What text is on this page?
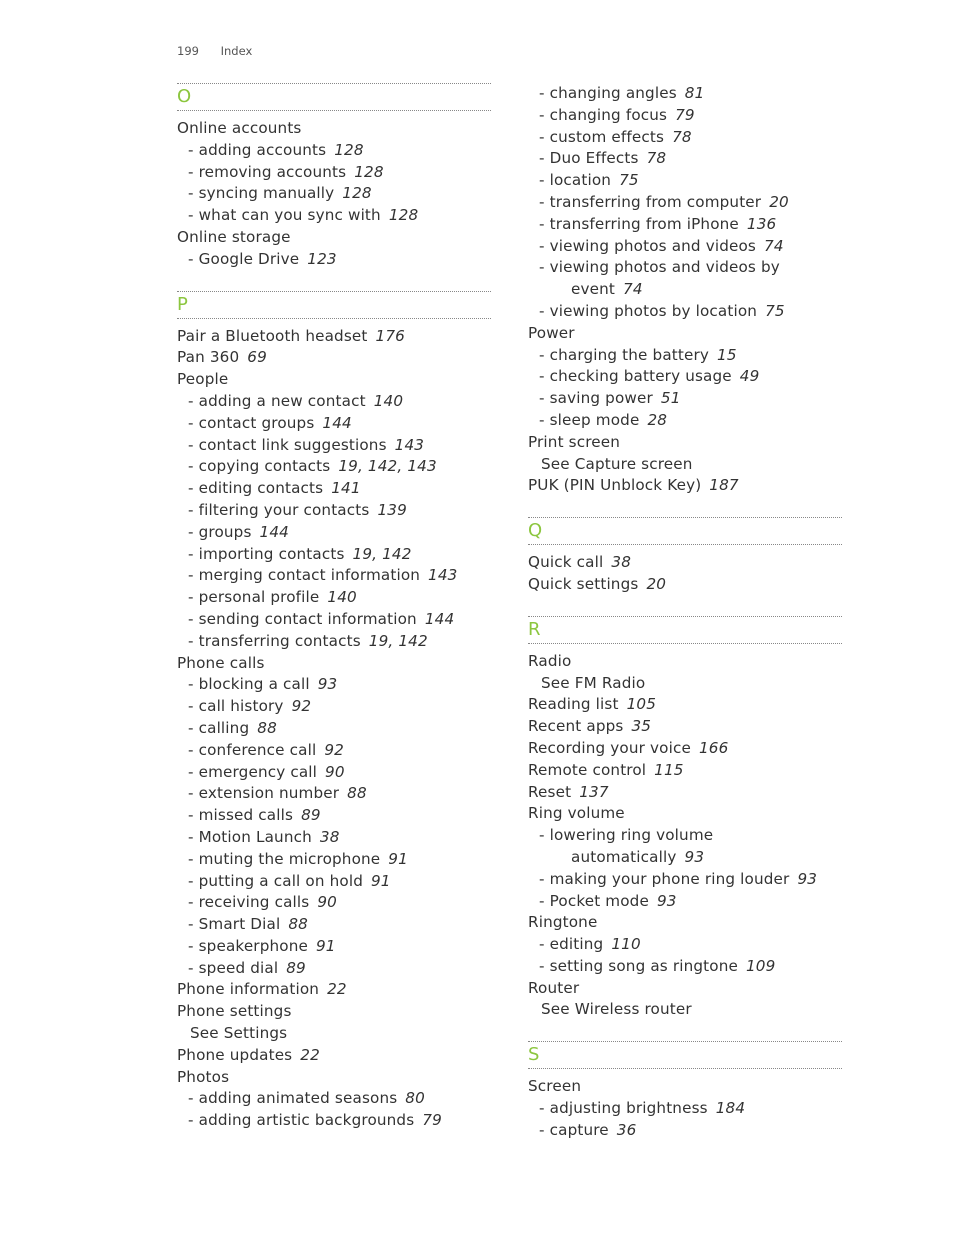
199 Index
O
Online accounts
- adding accounts 128
- removing accounts 128
- syncing manually 128
- what can you sync with 128
Online storage
- Google Drive 123
P
Pair a Bluetooth headset 176
Pan 360 69
People
- adding a new contact 140
- contact groups 144
- contact link suggestions 143
- copying contacts 19, 142, 143
- editing contacts 141
- filtering your contacts 139
- groups 144
- importing contacts 19, 142
- merging contact information 143
- personal profile 140
- sending contact information 144
- transferring contacts 19, 142
Phone calls
- blocking a call 93
- call history 92
- calling 88
- conference call 92
- emergency call 90
- extension number 88
- missed calls 89
- Motion Launch 38
- muting the microphone 91
- putting a call on hold 91
- receiving calls 90
- Smart Dial 88
- speakerphone 91
- speed dial 89
Phone information 22
Phone settings
See Settings
Phone updates 22
Photos
- adding animated seasons 80
- adding artistic backgrounds 79
- changing angles 81
- changing focus 79
- custom effects 78
- Duo Effects 78
- location 75
- transferring from computer 20
- transferring from iPhone 136
- viewing photos and videos 74
- viewing photos and videos by
event 74
- viewing photos by location 75
Power
- charging the battery 15
- checking battery usage 49
- saving power 51
- sleep mode 28
Print screen
See Capture screen
PUK (PIN Unblock Key) 187
Q
Quick call 38
Quick settings 20
R
Radio
See FM Radio
Reading list 105
Recent apps 35
Recording your voice 166
Remote control 115
Reset 137
Ring volume
- lowering ring volume
automatically 93
- making your phone ring louder 93
- Pocket mode 93
Ringtone
- editing 110
- setting song as ringtone 109
Router
See Wireless router
S
Screen
- adjusting brightness 184
- capture 36
